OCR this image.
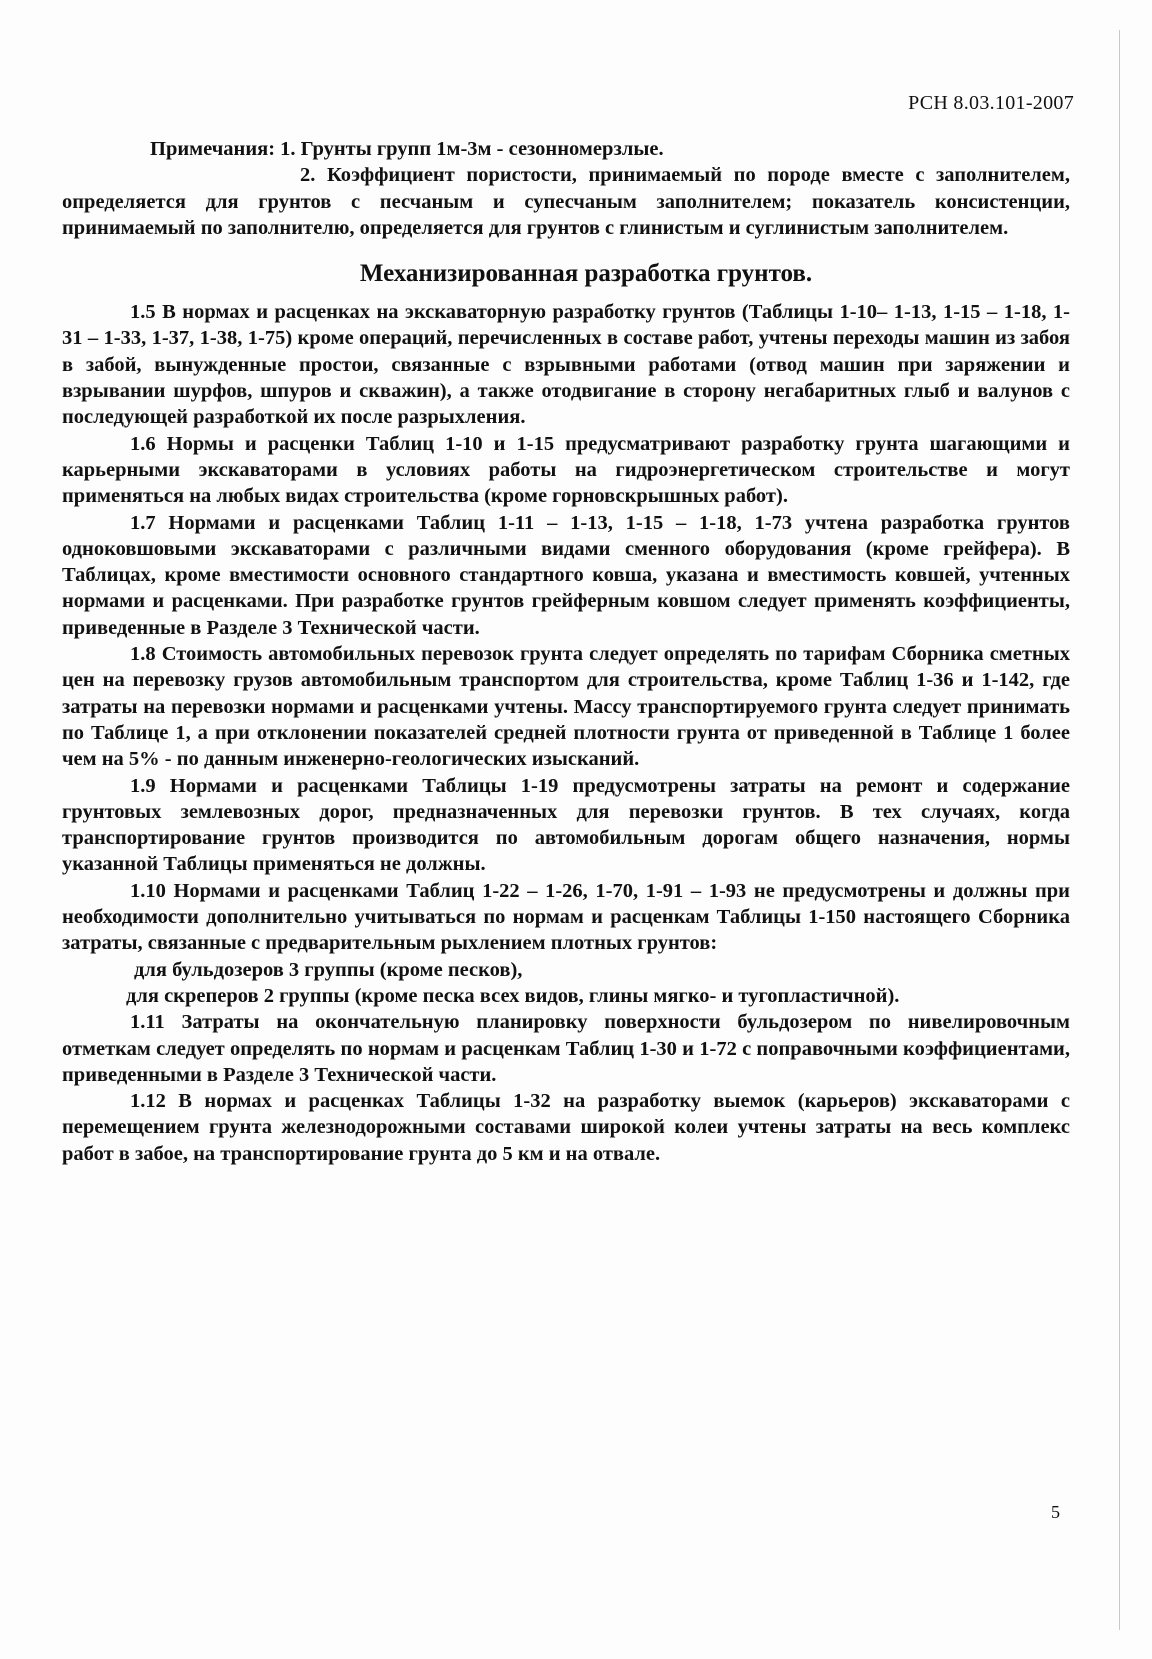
РСН 8.03.101-2007

Примечания: 1. Грунты групп 1м-3м - сезонномерзлые.

2. Коэффициент пористости, принимаемый по породе вместе с заполнителем, определяется для грунтов с песчаным и супесчаным заполнителем; показатель консистенции, принимаемый по заполнителю, определяется для грунтов с глинистым и суглинистым заполнителем.

Механизированная разработка грунтов.

1.5 В нормах и расценках на экскаваторную разработку грунтов (Таблицы 1-10– 1-13, 1-15 – 1-18, 1-31 – 1-33, 1-37, 1-38, 1-75) кроме операций, перечисленных в составе работ, учтены переходы машин из забоя в забой, вынужденные простои, связанные с взрывными работами (отвод машин при заряжении и взрывании шурфов, шпуров и скважин), а также отодвигание в сторону негабаритных глыб и валунов с последующей разработкой их после разрыхления.

1.6 Нормы и расценки Таблиц 1-10 и 1-15 предусматривают разработку грунта шагающими и карьерными экскаваторами в условиях работы на гидроэнергетическом строительстве и могут применяться на любых видах строительства (кроме горновскрышных работ).

1.7 Нормами и расценками Таблиц 1-11 – 1-13, 1-15 – 1-18, 1-73 учтена разработка грунтов одноковшовыми экскаваторами с различными видами сменного оборудования (кроме грейфера). В Таблицах, кроме вместимости основного стандартного ковша, указана и вместимость ковшей, учтенных нормами и расценками. При разработке грунтов грейферным ковшом следует применять коэффициенты, приведенные в Разделе 3 Технической части.

1.8 Стоимость автомобильных перевозок грунта следует определять по тарифам Сборника сметных цен на перевозку грузов автомобильным транспортом для строительства, кроме Таблиц 1-36 и 1-142, где затраты на перевозки нормами и расценками учтены. Массу транспортируемого грунта следует принимать по Таблице 1, а при отклонении показателей средней плотности грунта от приведенной в Таблице 1 более чем на 5% - по данным инженерно-геологических изысканий.

1.9 Нормами и расценками Таблицы 1-19 предусмотрены затраты на ремонт и содержание грунтовых землевозных дорог, предназначенных для перевозки грунтов. В тех случаях, когда транспортирование грунтов производится по автомобильным дорогам общего назначения, нормы указанной Таблицы применяться не должны.

1.10 Нормами и расценками Таблиц 1-22 – 1-26, 1-70, 1-91 – 1-93 не предусмотрены и должны при необходимости дополнительно учитываться по нормам и расценкам Таблицы 1-150 настоящего Сборника затраты, связанные с предварительным рыхлением плотных грунтов:

для бульдозеров 3 группы (кроме песков),

для скреперов 2 группы (кроме песка всех видов, глины мягко- и тугопластичной).

1.11 Затраты на окончательную планировку поверхности бульдозером по нивелировочным отметкам следует определять по нормам и расценкам Таблиц 1-30 и 1-72 с поправочными коэффициентами, приведенными в Разделе 3 Технической части.

1.12 В нормах и расценках Таблицы 1-32 на разработку выемок (карьеров) экскаваторами с перемещением грунта железнодорожными составами широкой колеи учтены затраты на весь комплекс работ в забое, на транспортирование грунта до 5 км и на отвале.

5
